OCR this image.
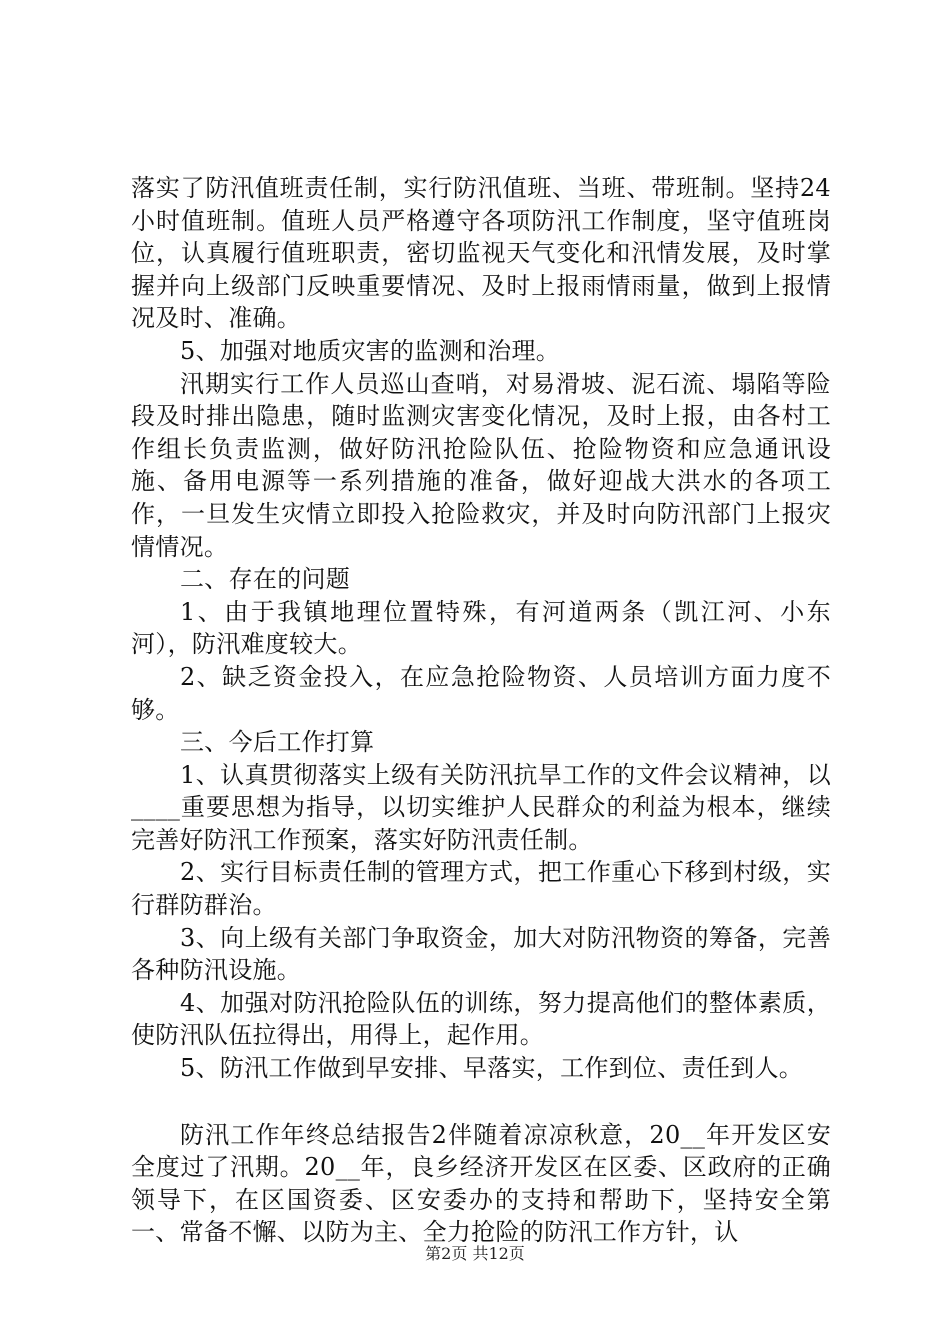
落实了防汛值班责任制，实行防汛值班、当班、带班制。坚持24小时值班制。值班人员严格遵守各项防汛工作制度，坚守值班岗位，认真履行值班职责，密切监视天气变化和汛情发展，及时掌握并向上级部门反映重要情况、及时上报雨情雨量，做到上报情况及时、准确。

5、加强对地质灾害的监测和治理。

汛期实行工作人员巡山查哨，对易滑坡、泥石流、塌陷等险段及时排出隐患，随时监测灾害变化情况，及时上报，由各村工作组长负责监测，做好防汛抢险队伍、抢险物资和应急通讯设施、备用电源等一系列措施的准备，做好迎战大洪水的各项工作，一旦发生灾情立即投入抢险救灾，并及时向防汛部门上报灾情情况。

二、存在的问题

1、由于我镇地理位置特殊，有河道两条（凯江河、小东河），防汛难度较大。

2、缺乏资金投入，在应急抢险物资、人员培训方面力度不够。

三、今后工作打算

1、认真贯彻落实上级有关防汛抗旱工作的文件会议精神，以____重要思想为指导，以切实维护人民群众的利益为根本，继续完善好防汛工作预案，落实好防汛责任制。

2、实行目标责任制的管理方式，把工作重心下移到村级，实行群防群治。

3、向上级有关部门争取资金，加大对防汛物资的筹备，完善各种防汛设施。

4、加强对防汛抢险队伍的训练，努力提高他们的整体素质，使防汛队伍拉得出，用得上，起作用。

5、防汛工作做到早安排、早落实，工作到位、责任到人。

防汛工作年终总结报告2伴随着凉凉秋意，20__年开发区安全度过了汛期。20__年，良乡经济开发区在区委、区政府的正确领导下，在区国资委、区安委办的支持和帮助下，坚持安全第一、常备不懈、以防为主、全力抢险的防汛工作方针，认

第2页 共12页
